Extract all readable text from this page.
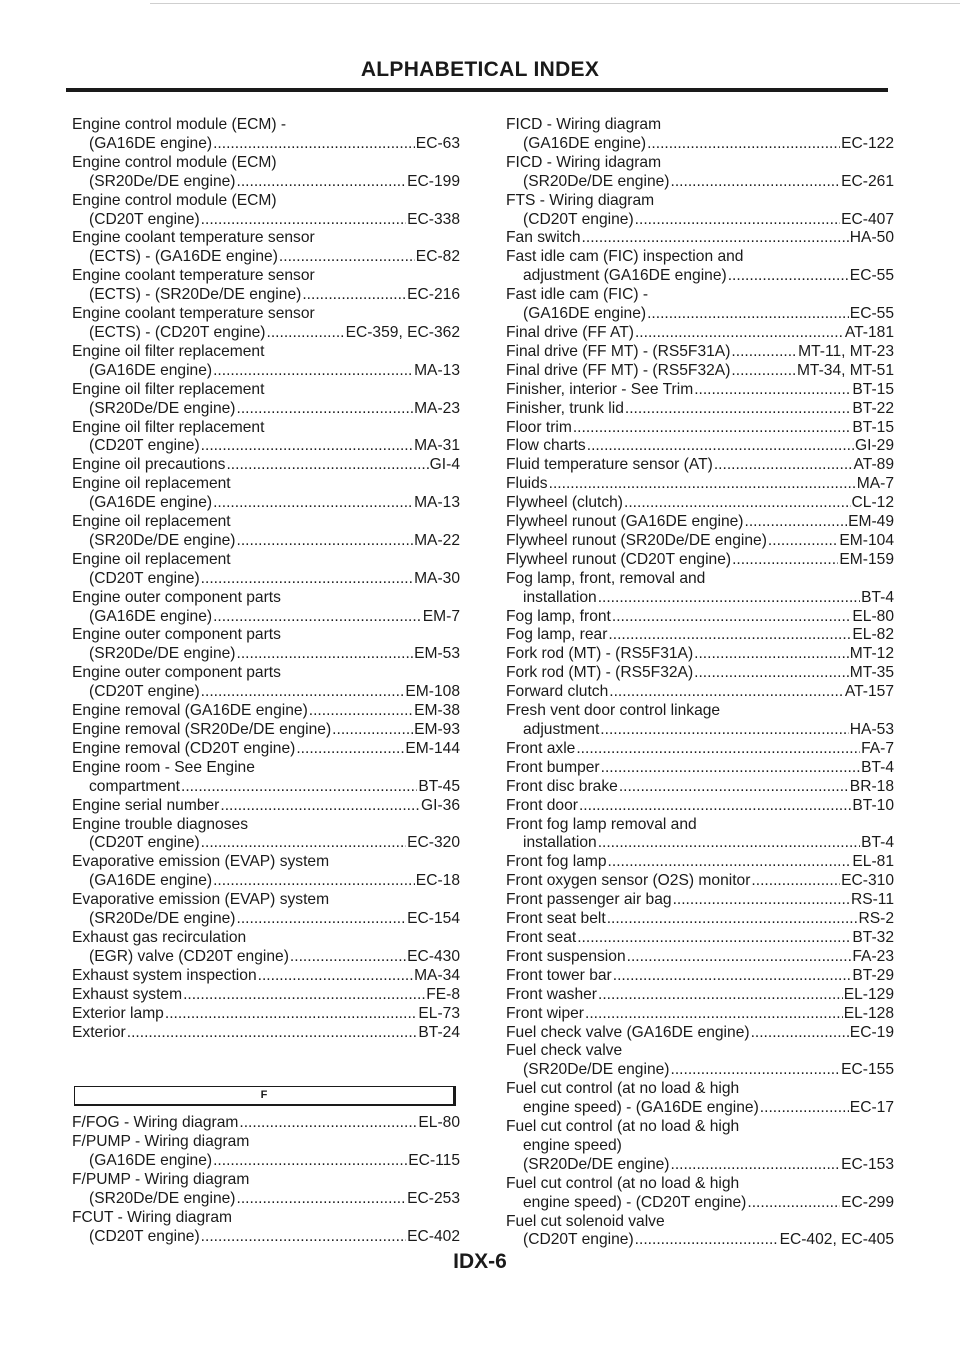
ALPHABETICAL INDEX
Engine control module (ECM) -
(GA16DE engine) .....	EC-63
Engine control module (ECM)
(SR20De/DE engine) .....	EC-199
Engine control module (ECM)
(CD20T engine) .....	EC-338
Engine coolant temperature sensor
(ECTS) - (GA16DE engine) .....	EC-82
Engine coolant temperature sensor
(ECTS) - (SR20De/DE engine) .....	EC-216
Engine coolant temperature sensor
(ECTS) - (CD20T engine) .....	EC-359, EC-362
Engine oil filter replacement
(GA16DE engine) .....	MA-13
Engine oil filter replacement
(SR20De/DE engine) .....	MA-23
Engine oil filter replacement
(CD20T engine) .....	MA-31
Engine oil precautions .....	GI-4
Engine oil replacement
(GA16DE engine) .....	MA-13
Engine oil replacement
(SR20De/DE engine) .....	MA-22
Engine oil replacement
(CD20T engine) .....	MA-30
Engine outer component parts
(GA16DE engine) .....	EM-7
Engine outer component parts
(SR20De/DE engine) .....	EM-53
Engine outer component parts
(CD20T engine) .....	EM-108
Engine removal (GA16DE engine) .....	EM-38
Engine removal (SR20De/DE engine) .....	EM-93
Engine removal (CD20T engine) .....	EM-144
Engine room - See Engine
compartment .....	BT-45
Engine serial number .....	GI-36
Engine trouble diagnoses
(CD20T engine) .....	EC-320
Evaporative emission (EVAP) system
(GA16DE engine) .....	EC-18
Evaporative emission (EVAP) system
(SR20De/DE engine) .....	EC-154
Exhaust gas recirculation
(EGR) valve (CD20T engine) .....	EC-430
Exhaust system inspection .....	MA-34
Exhaust system .....	FE-8
Exterior lamp .....	EL-73
Exterior .....	BT-24
F
F/FOG - Wiring diagram .....	EL-80
F/PUMP - Wiring diagram
(GA16DE engine) .....	EC-115
F/PUMP - Wiring diagram
(SR20De/DE engine) .....	EC-253
FCUT - Wiring diagram
(CD20T engine) .....	EC-402
FICD - Wiring diagram
(GA16DE engine) .....	EC-122
FICD - Wiring idagram
(SR20De/DE engine) .....	EC-261
FTS - Wiring diagram
(CD20T engine) .....	EC-407
Fan switch .....	HA-50
Fast idle cam (FIC) inspection and
adjustment (GA16DE engine) .....	EC-55
Fast idle cam (FIC) -
(GA16DE engine) .....	EC-55
Final drive (FF AT) .....	AT-181
Final drive (FF MT) - (RS5F31A) .....	MT-11, MT-23
Final drive (FF MT) - (RS5F32A) .....	MT-34, MT-51
Finisher, interior - See Trim .....	BT-15
Finisher, trunk lid .....	BT-22
Floor trim .....	BT-15
Flow charts .....	GI-29
Fluid temperature sensor (AT) .....	AT-89
Fluids .....	MA-7
Flywheel (clutch) .....	CL-12
Flywheel runout (GA16DE engine) .....	EM-49
Flywheel runout (SR20De/DE engine) .....	EM-104
Flywheel runout (CD20T engine) .....	EM-159
Fog lamp, front, removal and
installation .....	BT-4
Fog lamp, front .....	EL-80
Fog lamp, rear .....	EL-82
Fork rod (MT) - (RS5F31A) .....	MT-12
Fork rod (MT) - (RS5F32A) .....	MT-35
Forward clutch .....	AT-157
Fresh vent door control linkage
adjustment .....	HA-53
Front axle .....	FA-7
Front bumper .....	BT-4
Front disc brake .....	BR-18
Front door .....	BT-10
Front fog lamp removal and
installation .....	BT-4
Front fog lamp .....	EL-81
Front oxygen sensor (O2S) monitor .....	EC-310
Front passenger air bag .....	RS-11
Front seat belt .....	RS-2
Front seat .....	BT-32
Front suspension .....	FA-23
Front tower bar .....	BT-29
Front washer .....	EL-129
Front wiper .....	EL-128
Fuel check valve (GA16DE engine) .....	EC-19
Fuel check valve
(SR20De/DE engine) .....	EC-155
Fuel cut control (at no load & high
engine speed) - (GA16DE engine) .....	EC-17
Fuel cut control (at no load & high
engine speed)
(SR20De/DE engine) .....	EC-153
Fuel cut control (at no load & high
engine speed) - (CD20T engine) .....	EC-299
Fuel cut solenoid valve
(CD20T engine) .....	EC-402, EC-405
IDX-6
